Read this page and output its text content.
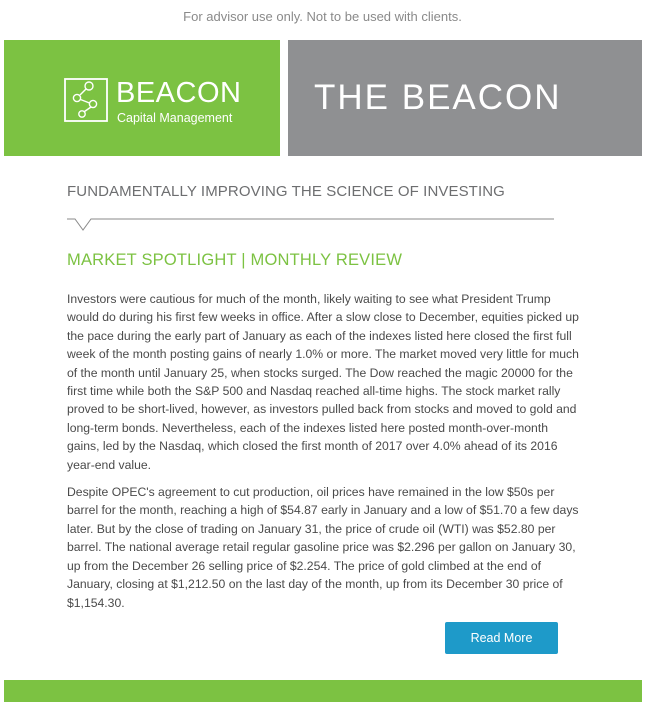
For advisor use only. Not to be used with clients.
BEACON
Capital Management
THE BEACON
FUNDAMENTALLY IMPROVING THE SCIENCE OF INVESTING
MARKET SPOTLIGHT | MONTHLY REVIEW

Investors were cautious for much of the month, likely waiting to see what President Trump would do during his first few weeks in office. After a slow close to December, equities picked up the pace during the early part of January as each of the indexes listed here closed the first full week of the month posting gains of nearly 1.0% or more. The market moved very little for much of the month until January 25, when stocks surged. The Dow reached the magic 20000 for the first time while both the S&P 500 and Nasdaq reached all-time highs. The stock market rally proved to be short-lived, however, as investors pulled back from stocks and moved to gold and long-term bonds. Nevertheless, each of the indexes listed here posted month-over-month gains, led by the Nasdaq, which closed the first month of 2017 over 4.0% ahead of its 2016 year-end value.

Despite OPEC's agreement to cut production, oil prices have remained in the low $50s per barrel for the month, reaching a high of $54.87 early in January and a low of $51.70 a few days later. But by the close of trading on January 31, the price of crude oil (WTI) was $52.80 per barrel. The national average retail regular gasoline price was $2.296 per gallon on January 30, up from the December 26 selling price of $2.254. The price of gold climbed at the end of January, closing at $1,212.50 on the last day of the month, up from its December 30 price of $1,154.30.

Read More
